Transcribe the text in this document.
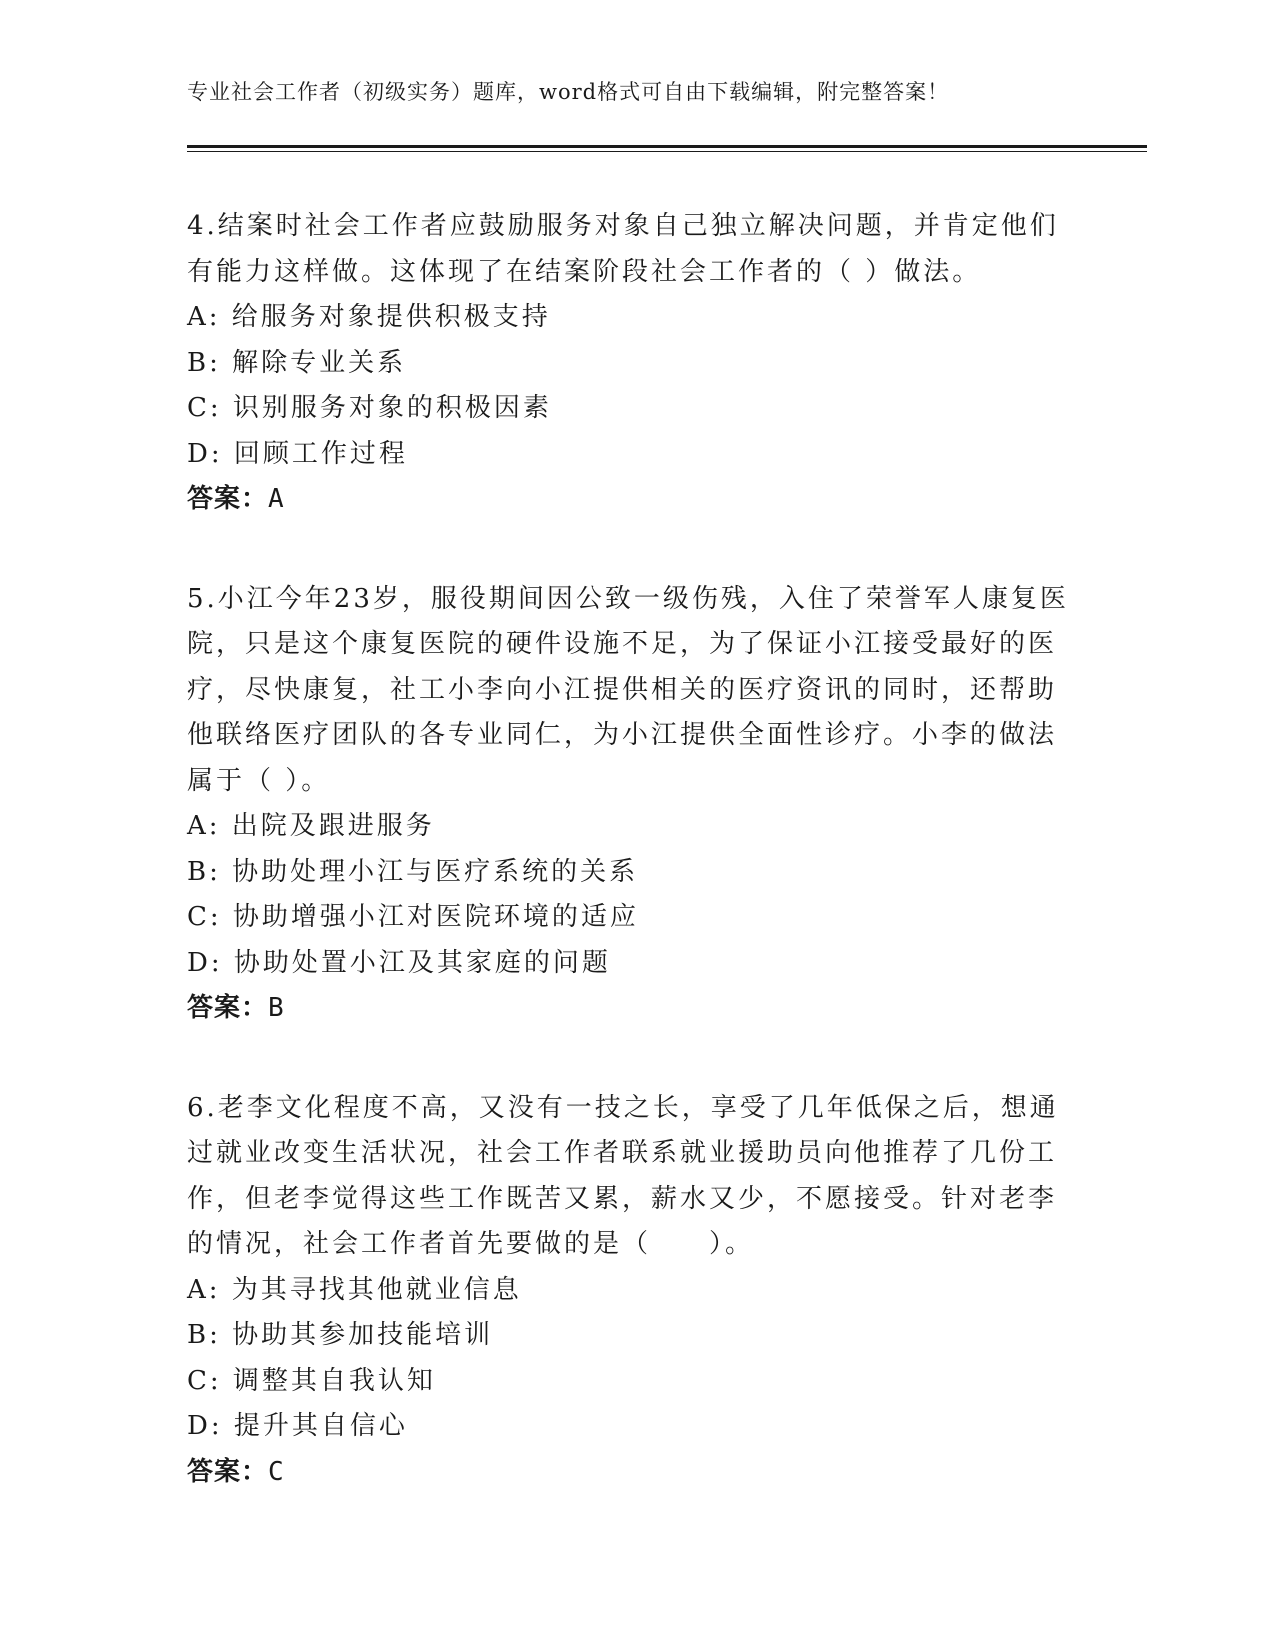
专业社会工作者（初级实务）题库，word格式可自由下载编辑，附完整答案！

4.结案时社会工作者应鼓励服务对象自己独立解决问题，并肯定他们有能力这样做。这体现了在结案阶段社会工作者的（ ）做法。

A: 给服务对象提供积极支持

B: 解除专业关系

C: 识别服务对象的积极因素

D: 回顾工作过程

答案：A

5.小江今年23岁，服役期间因公致一级伤残，入住了荣誉军人康复医院，只是这个康复医院的硬件设施不足，为了保证小江接受最好的医疗，尽快康复，社工小李向小江提供相关的医疗资讯的同时，还帮助他联络医疗团队的各专业同仁，为小江提供全面性诊疗。小李的做法属于（ ）。

A: 出院及跟进服务

B: 协助处理小江与医疗系统的关系

C: 协助增强小江对医院环境的适应

D: 协助处置小江及其家庭的问题

答案：B

6.老李文化程度不高，又没有一技之长，享受了几年低保之后，想通过就业改变生活状况，社会工作者联系就业援助员向他推荐了几份工作，但老李觉得这些工作既苦又累，薪水又少，不愿接受。针对老李的情况，社会工作者首先要做的是（　　）。

A: 为其寻找其他就业信息

B: 协助其参加技能培训

C: 调整其自我认知

D: 提升其自信心

答案：C
